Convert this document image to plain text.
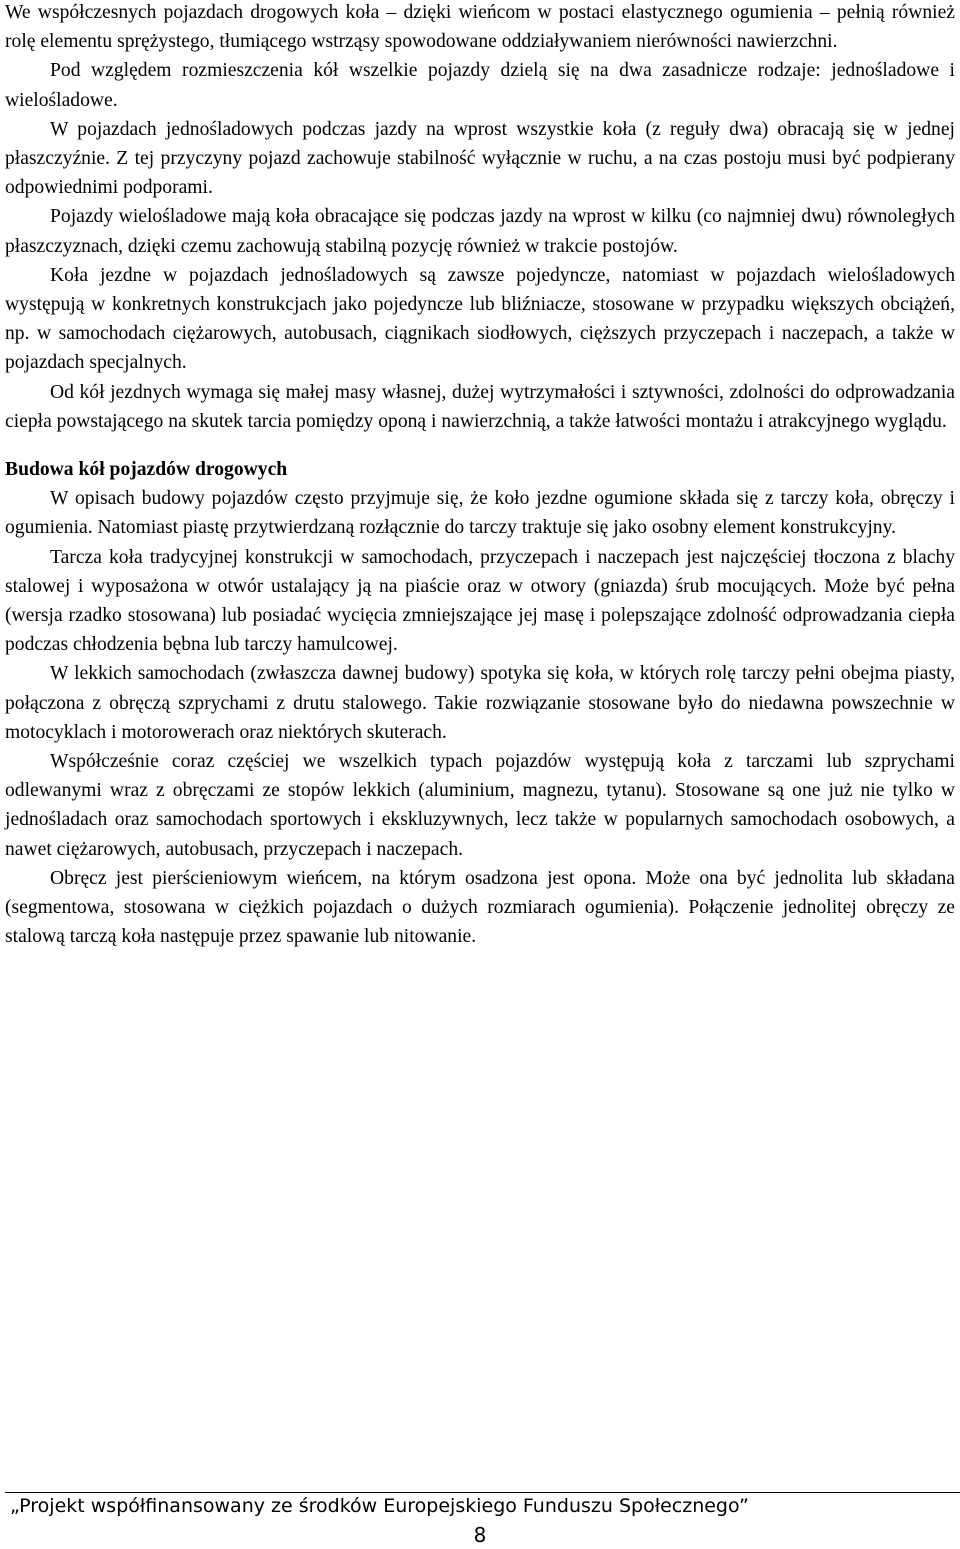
We współczesnych pojazdach drogowych koła – dzięki wieńcom w postaci elastycznego ogumienia – pełnią również rolę elementu sprężystego, tłumiącego wstrząsy spowodowane oddziaływaniem nierówności nawierzchni.

Pod względem rozmieszczenia kół wszelkie pojazdy dzielą się na dwa zasadnicze rodzaje: jednośladowe i wielośladowe.

W pojazdach jednośladowych podczas jazdy na wprost wszystkie koła (z reguły dwa) obracają się w jednej płaszczyźnie. Z tej przyczyny pojazd zachowuje stabilność wyłącznie w ruchu, a na czas postoju musi być podpierany odpowiednimi podporami.

Pojazdy wielośladowe mają koła obracające się podczas jazdy na wprost w kilku (co najmniej dwu) równoległych płaszczyznach, dzięki czemu zachowują stabilną pozycję również w trakcie postojów.

Koła jezdne w pojazdach jednośladowych są zawsze pojedyncze, natomiast w pojazdach wielośladowych występują w konkretnych konstrukcjach jako pojedyncze lub bliźniacze, stosowane w przypadku większych obciążeń, np. w samochodach ciężarowych, autobusach, ciągnikach siodłowych, cięższych przyczepach i naczepach, a także w pojazdach specjalnych.

Od kół jezdnych wymaga się małej masy własnej, dużej wytrzymałości i sztywności, zdolności do odprowadzania ciepła powstającego na skutek tarcia pomiędzy oponą i nawierzchnią, a także łatwości montażu i atrakcyjnego wyglądu.

Budowa kół pojazdów drogowych

W opisach budowy pojazdów często przyjmuje się, że koło jezdne ogumione składa się z tarczy koła, obręczy i ogumienia. Natomiast piastę przytwierdzaną rozłącznie do tarczy traktuje się jako osobny element konstrukcyjny.

Tarcza koła tradycyjnej konstrukcji w samochodach, przyczepach i naczepach jest najczęściej tłoczona z blachy stalowej i wyposażona w otwór ustalający ją na piaście oraz w otwory (gniazda) śrub mocujących. Może być pełna (wersja rzadko stosowana) lub posiadać wycięcia zmniejszające jej masę i polepszające zdolność odprowadzania ciepła podczas chłodzenia bębna lub tarczy hamulcowej.

W lekkich samochodach (zwłaszcza dawnej budowy) spotyka się koła, w których rolę tarczy pełni obejma piasty, połączona z obręczą szprychami z drutu stalowego. Takie rozwiązanie stosowane było do niedawna powszechnie w motocyklach i motorowerach oraz niektórych skuterach.

Współcześnie coraz częściej we wszelkich typach pojazdów występują koła z tarczami lub szprychami odlewanymi wraz z obręczami ze stopów lekkich (aluminium, magnezu, tytanu). Stosowane są one już nie tylko w jednośladach oraz samochodach sportowych i ekskluzywnych, lecz także w popularnych samochodach osobowych, a nawet ciężarowych, autobusach, przyczepach i naczepach.

Obręcz jest pierścieniowym wieńcem, na którym osadzona jest opona. Może ona być jednolita lub składana (segmentowa, stosowana w ciężkich pojazdach o dużych rozmiarach ogumienia). Połączenie jednolitej obręczy ze stalową tarczą koła następuje przez spawanie lub nitowanie.

„Projekt współfinansowany ze środków Europejskiego Funduszu Społecznego”
8
